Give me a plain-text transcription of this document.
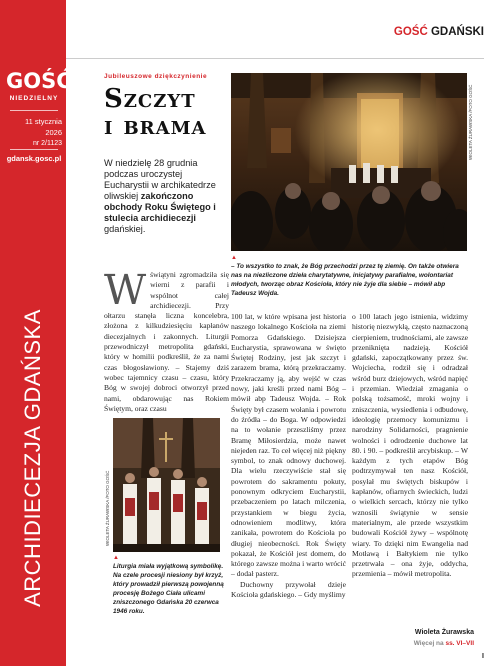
GOŚĆ
NIEDZIELNY
11 stycznia
2026
nr 2/1123
gdansk.gosc.pl
ARCHIDIECEZJA GDAŃSKA
GOŚĆ GDAŃSKI
Jubileuszowe dziękczynienie
Szczyt
i brama
W niedzielę 28 grudnia podczas uroczystej Eucharystii w archikatedrze oliwskiej zakończono obchody Roku Świętego i stulecia archidiecezji gdańskiej.
WIOLETA ŻURAWSKA /FOTO GOŚĆ
▲
– To wszystko to znak, że Bóg przechodzi przez tę ziemię. On także otwiera nas na niezliczone dzieła charytatywne, inicjatywy parafialne, wolontariat młodych, tworząc obraz Kościoła, który nie żyje dla siebie – mówił abp Tadeusz Wojda.
Wświątyni zgromadziła się wierni z parafii i wspólnot całej archidiecezji. Przy ołtarzu stanęła liczna koncelebra, złożona z kilkudziesięciu kapłanów diecezjalnych i zakonnych. Liturgii przewodniczył metropolita gdański, który w homilii podkreślił, że za nami czas błogosławiony. – Stajemy dziś wobec tajemnicy czasu – czasu, który Bóg w swojej dobroci otworzył przed nami, obdarowując nas Rokiem Świętym, oraz czasu
WIOLETA ŻURAWSKA /FOTO GOŚĆ
▲
Liturgia miała wyjątkową symbolikę. Na czele procesji niesiony był krzyż, który prowadził pierwszą powojenną procesję Bożego Ciała ulicami zniszczonego Gdańska 20 czerwca 1946 roku.
100 lat, w które wpisana jest historia naszego lokalnego Kościoła na ziemi Pomorza Gdańskiego. Dzisiejsza Eucharystia, sprawowana w święto Świętej Rodziny, jest jak szczyt i zarazem brama, którą przekraczamy. Przekraczamy ją, aby wejść w czas nowy, jaki kreśli przed nami Bóg – mówił abp Tadeusz Wojda. – Rok Święty był czasem wołania i powrotu do źródła – do Boga. W odpowiedzi na to wołanie przeszliśmy przez Bramę Miłosierdzia, może nawet niejeden raz. To ceł więcej niż piękny symbol, to znak odnowy duchowej. Dla wielu rzeczywiście stał się powrotem do sakramentu pokuty, ponownym odkryciem Eucharystii, przebaczeniem po latach milczenia, przystankiem w biegu życia, odnowieniem modlitwy, która zanikała, powrotem do Kościoła po długiej nieobecności. Rok Święty pokazał, że Kościół jest domem, do którego zawsze można i warto wrócić – dodał pasterz.
Duchowny przywołał dzieje Kościoła gdańskiego. – Gdy myślimy
o 100 latach jego istnienia, widzimy historię niezwykłą, często naznaczoną cierpieniem, trudnościami, ale zawsze przeniknięta nadzieją. Kościół gdański, zapoczątkowany przez św. Wojciecha, rodził się i odradzał wśród burz dziejowych, wśród napięć i przemian. Wiedział zmagania o polską tożsamość, mroki wojny i zniszczenia, wysiedlenia i odbudowę, ideologię przemocy komunizmu i narodziny Solidarności, pragnienie wolności i odrodzenie duchowe lat 80. i 90. – podkreślił arcybiskup. – W każdym z tych etapów Bóg podtrzymywał ten nasz Kościół, posyłał mu świętych biskupów i kapłanów, ofiarnych świeckich, ludzi o wielkich sercach, którzy nie tylko wznosili świątynie w sensie materialnym, ale przede wszystkim budowali Kościół żywy – wspólnotę wiary. To dzięki nim Ewangelia nad Motławą i Bałtykiem nie tylko przetrwała – ona żyje, oddycha, przemienia – mówił metropolita.
Wioleta Żurawska
Więcej na ss. VI–VII
I
